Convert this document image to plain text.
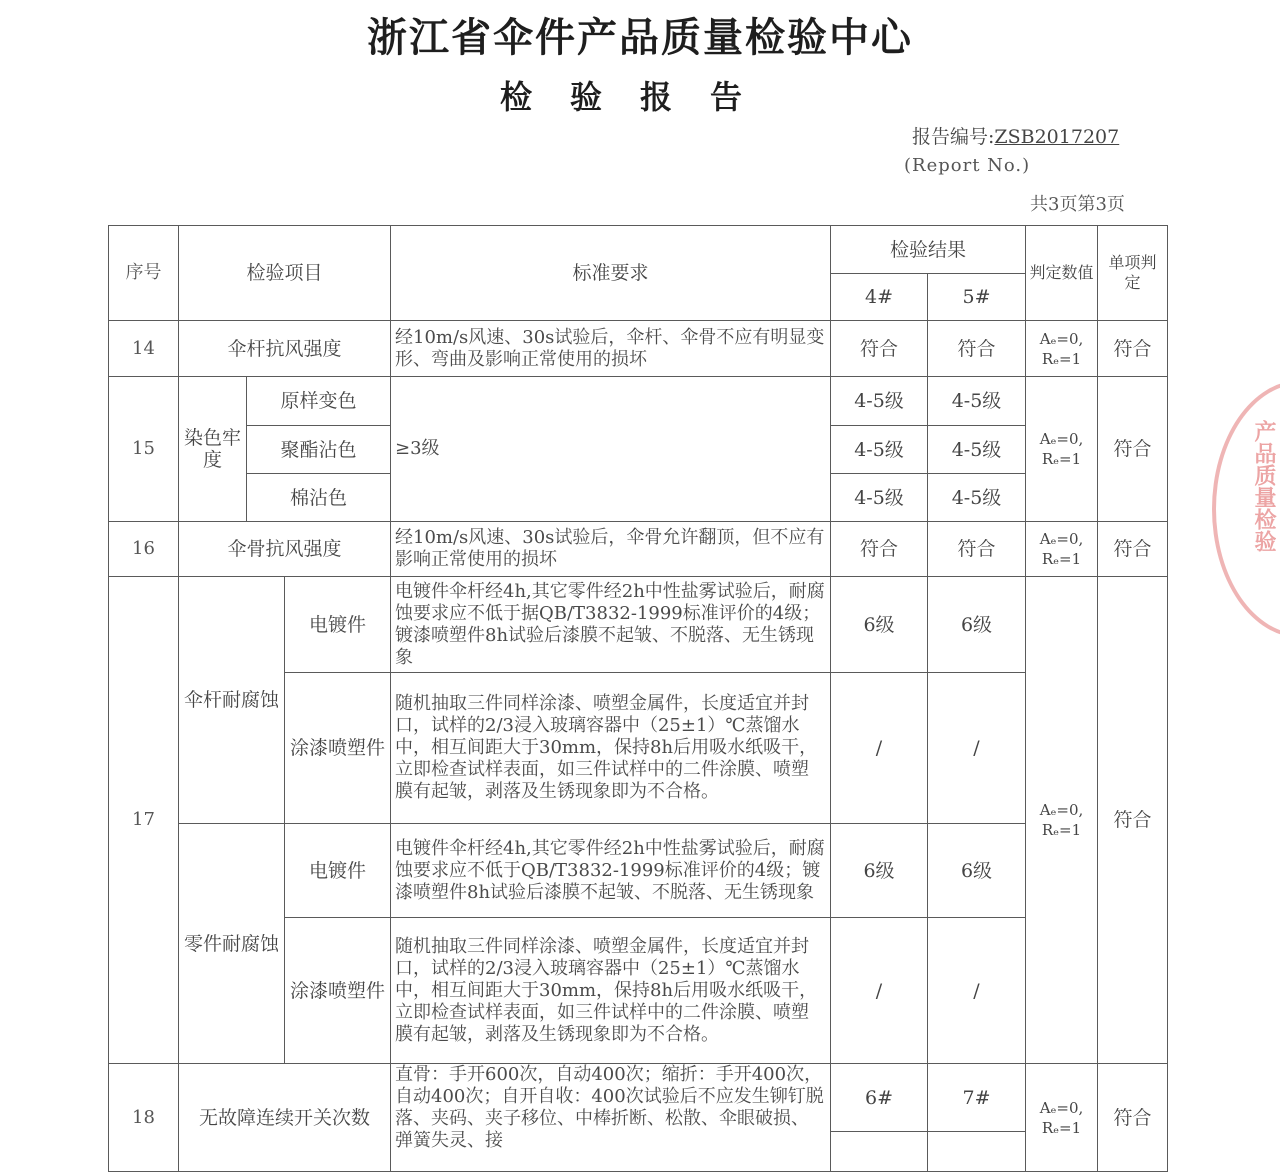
浙江省伞件产品质量检验中心
检验报告
报告编号:ZSB2017207
(Report No.)
共3页第3页
产品质量检验
序号	检验项目			标准要求	检验结果		判定数值	单项判定
					4#	5#		
14	伞杆抗风强度			经10m/s风速、30s试验后，伞杆、伞骨不应有明显变形、弯曲及影响正常使用的损坏	符合	符合	Aₑ=0,
Rₑ=1	符合
15	染色牢度	原样变色		≥3级	4-5级	4-5级	Aₑ=0,
Rₑ=1	符合
		聚酯沾色			4-5级	4-5级		
		棉沾色			4-5级	4-5级		
16	伞骨抗风强度			经10m/s风速、30s试验后，伞骨允许翻顶，但不应有影响正常使用的损坏	符合	符合	Aₑ=0,
Rₑ=1	符合
17	伞杆耐腐蚀		电镀件	电镀件伞杆经4h,其它零件经2h中性盐雾试验后，耐腐蚀要求应不低于据QB/T3832-1999标准评价的4级；镀漆喷塑件8h试验后漆膜不起皱、不脱落、无生锈现象	6级	6级	Aₑ=0,
Rₑ=1	符合
			涂漆喷塑件	随机抽取三件同样涂漆、喷塑金属件，长度适宜并封口，试样的2/3浸入玻璃容器中（25±1）℃蒸馏水中，相互间距大于30mm，保持8h后用吸水纸吸干，立即检查试样表面，如三件试样中的二件涂膜、喷塑膜有起皱，剥落及生锈现象即为不合格。	/	/		
	零件耐腐蚀		电镀件	电镀件伞杆经4h,其它零件经2h中性盐雾试验后，耐腐蚀要求应不低于QB/T3832-1999标准评价的4级；镀漆喷塑件8h试验后漆膜不起皱、不脱落、无生锈现象	6级	6级		
			涂漆喷塑件	随机抽取三件同样涂漆、喷塑金属件，长度适宜并封口，试样的2/3浸入玻璃容器中（25±1）℃蒸馏水中，相互间距大于30mm，保持8h后用吸水纸吸干，立即检查试样表面，如三件试样中的二件涂膜、喷塑膜有起皱，剥落及生锈现象即为不合格。	/	/		
18	无故障连续开关次数			直骨：手开600次，自动400次；缩折：手开400次，自动400次；自开自收：400次试验后不应发生铆钉脱落、夹码、夹子移位、中棒折断、松散、伞眼破损、弹簧失灵、接	6#	7#	Aₑ=0,
Rₑ=1	符合
